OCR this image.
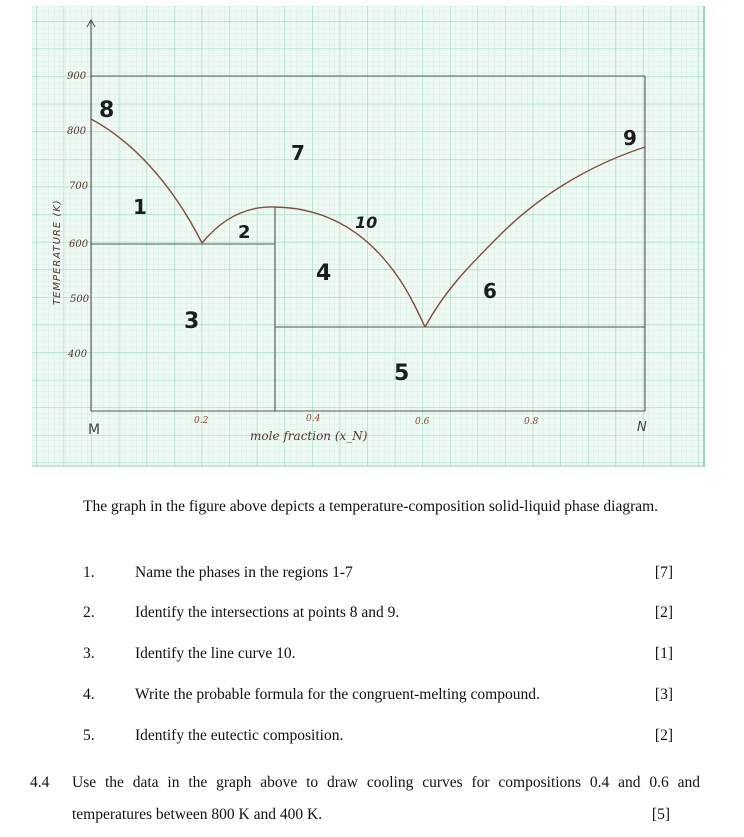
900
800
700
600
500
400
0.2	0.4	0.6	0.8
M	N
mole fraction (x_N)
TEMPERATURE (K)	1
2
3
4
5
6
7
8
9
10
The graph in the figure above depicts a temperature-composition solid-liquid phase diagram.
1.	Name the phases in the regions 1-7	[7]
2.	Identify the intersections at points 8 and 9.	[2]
3.	Identify the line curve 10.	[1]
4.	Write the probable formula for the congruent-melting compound.	[3]
5.	Identify the eutectic composition.	[2]
4.4 Use the data in the graph above to draw cooling curves for compositions 0.4 and 0.6 and
temperatures between 800 K and 400 K.	[5]
